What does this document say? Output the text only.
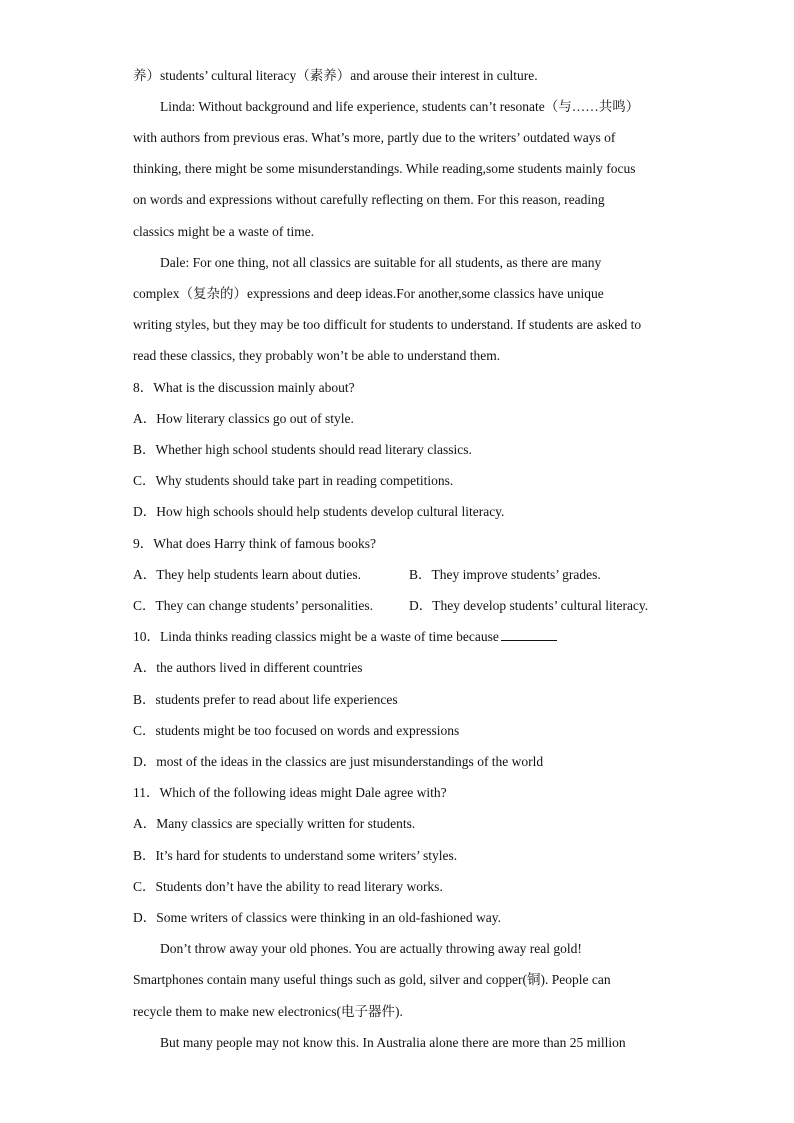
养）students’ cultural literacy（素养）and arouse their interest in culture.
Linda: Without background and life experience, students can’t resonate（与……共鸣）
with authors from previous eras. What’s more, partly due to the writers’ outdated ways of
thinking, there might be some misunderstandings. While reading,some students mainly focus
on words and expressions without carefully reflecting on them. For this reason, reading
classics might be a waste of time.
Dale: For one thing, not all classics are suitable for all students, as there are many
complex（复杂的）expressions and deep ideas.For another,some classics have unique
writing styles, but they may be too difficult for students to understand. If students are asked to
read these classics, they probably won’t be able to understand them.
8．What is the discussion mainly about?
A．How literary classics go out of style.
B．Whether high school students should read literary classics.
C．Why students should take part in reading competitions.
D．How high schools should help students develop cultural literacy.
9．What does Harry think of famous books?
A．They help students learn about duties.	B．They improve students’ grades.
C．They can change students’ personalities.	D．They develop students’ cultural literacy.
10．Linda thinks reading classics might be a waste of time because
A．the authors lived in different countries
B．students prefer to read about life experiences
C．students might be too focused on words and expressions
D．most of the ideas in the classics are just misunderstandings of the world
11．Which of the following ideas might Dale agree with?
A．Many classics are specially written for students.
B．It’s hard for students to understand some writers’ styles.
C．Students don’t have the ability to read literary works.
D．Some writers of classics were thinking in an old-fashioned way.
Don’t throw away your old phones. You are actually throwing away real gold!
Smartphones contain many useful things such as gold, silver and copper(铜). People can
recycle them to make new electronics(电子器件).
But many people may not know this. In Australia alone there are more than 25 million
